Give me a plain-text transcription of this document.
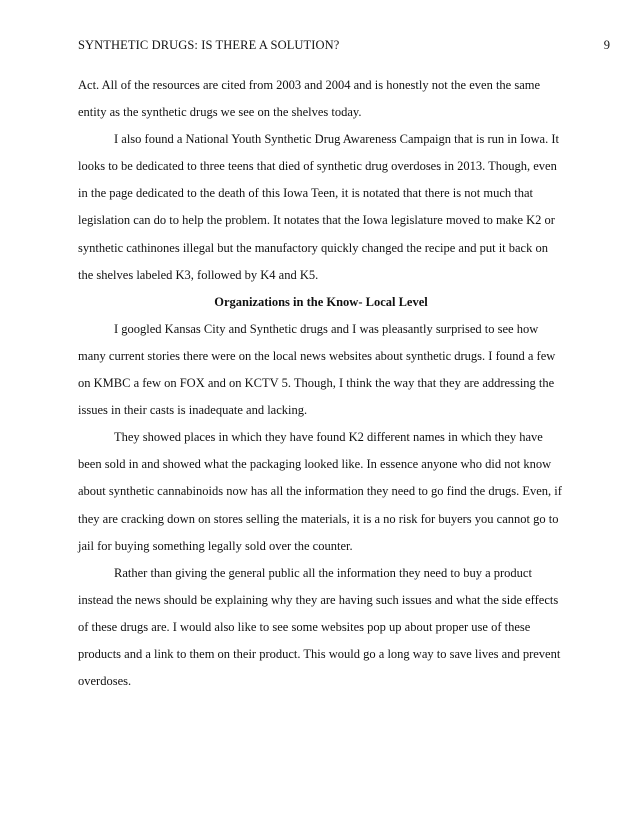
SYNTHETIC DRUGS: IS THERE A SOLUTION?	9
Act. All of the resources are cited from 2003 and 2004 and is honestly not the even the same
entity as the synthetic drugs we see on the shelves today.
I also found a National Youth Synthetic Drug Awareness Campaign that is run in Iowa. It
looks to be dedicated to three teens that died of synthetic drug overdoses in 2013. Though, even
in the page dedicated to the death of this Iowa Teen, it is notated that there is not much that
legislation can do to help the problem. It notates that the Iowa legislature moved to make K2 or
synthetic cathinones illegal but the manufactory quickly changed the recipe and put it back on
the shelves labeled K3, followed by K4 and K5.
Organizations in the Know- Local Level
I googled Kansas City and Synthetic drugs and I was pleasantly surprised to see how
many current stories there were on the local news websites about synthetic drugs. I found a few
on KMBC a few on FOX and on KCTV 5. Though, I think the way that they are addressing the
issues in their casts is inadequate and lacking.
They showed places in which they have found K2 different names in which they have
been sold in and showed what the packaging looked like. In essence anyone who did not know
about synthetic cannabinoids now has all the information they need to go find the drugs. Even, if
they are cracking down on stores selling the materials, it is a no risk for buyers you cannot go to
jail for buying something legally sold over the counter.
Rather than giving the general public all the information they need to buy a product
instead the news should be explaining why they are having such issues and what the side effects
of these drugs are. I would also like to see some websites pop up about proper use of these
products and a link to them on their product. This would go a long way to save lives and prevent
overdoses.
